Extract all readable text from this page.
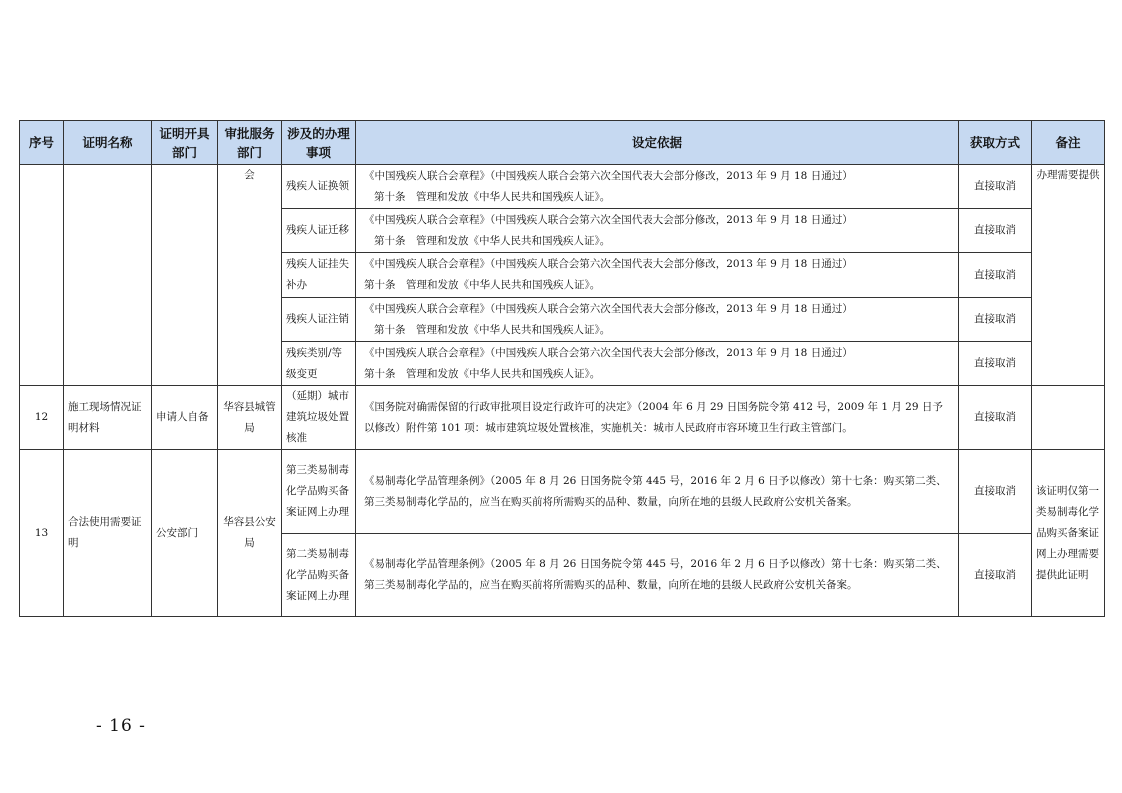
序号	证明名称	证明开具部门	审批服务部门	涉及的办理事项	设定依据	获取方式	备注
			会	残疾人证换领	《中国残疾人联合会章程》（中国残疾人联合会第六次全国代表大会部分修改，2013 年 9 月 18 日通过）
第十条　管理和发放《中华人民共和国残疾人证》。	直接取消	办理需要提供
				残疾人证迁移	《中国残疾人联合会章程》（中国残疾人联合会第六次全国代表大会部分修改，2013 年 9 月 18 日通过）
第十条　管理和发放《中华人民共和国残疾人证》。	直接取消	
				残疾人证挂失补办	《中国残疾人联合会章程》（中国残疾人联合会第六次全国代表大会部分修改，2013 年 9 月 18 日通过）
第十条　管理和发放《中华人民共和国残疾人证》。	直接取消	
				残疾人证注销	《中国残疾人联合会章程》（中国残疾人联合会第六次全国代表大会部分修改，2013 年 9 月 18 日通过）
第十条　管理和发放《中华人民共和国残疾人证》。	直接取消	
				残疾类别/等级变更	《中国残疾人联合会章程》（中国残疾人联合会第六次全国代表大会部分修改，2013 年 9 月 18 日通过）
第十条　管理和发放《中华人民共和国残疾人证》。	直接取消	
12	施工现场情况证明材料	申请人自备	华容县城管局	（延期）城市建筑垃圾处置核准	《国务院对确需保留的行政审批项目设定行政许可的决定》（2004 年 6 月 29 日国务院令第 412 号，2009 年 1 月 29 日予以修改）附件第 101 项：城市建筑垃圾处置核准，实施机关：城市人民政府市容环境卫生行政主管部门。	直接取消	
13	合法使用需要证明	公安部门	华容县公安局	第三类易制毒化学品购买备案证网上办理	《易制毒化学品管理条例》（2005 年 8 月 26 日国务院令第 445 号，2016 年 2 月 6 日予以修改）第十七条：购买第二类、第三类易制毒化学品的，应当在购买前将所需购买的品种、数量，向所在地的县级人民政府公安机关备案。	直接取消	该证明仅第一类易制毒化学品购买备案证网上办理需要提供此证明
				第二类易制毒化学品购买备案证网上办理	《易制毒化学品管理条例》（2005 年 8 月 26 日国务院令第 445 号，2016 年 2 月 6 日予以修改）第十七条：购买第二类、第三类易制毒化学品的，应当在购买前将所需购买的品种、数量，向所在地的县级人民政府公安机关备案。	直接取消	
- 16 -
